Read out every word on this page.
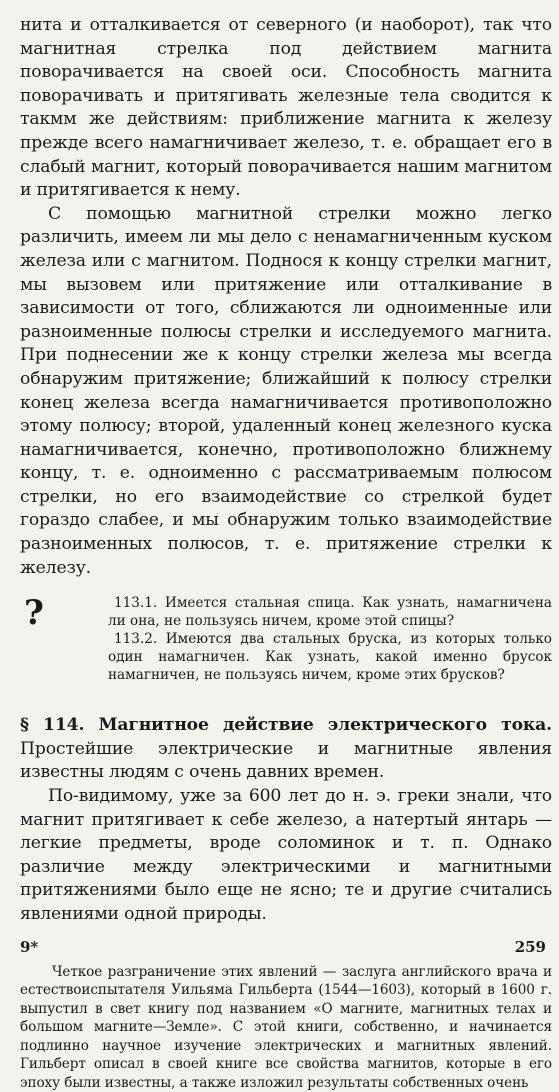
нита и отталкивается от северного (и наоборот), так что магнитная стрелка под действием магнита поворачивается на своей оси. Способность магнита поворачивать и притягивать железные тела сводится к такмм же действиям: приближение магнита к железу прежде всего намагничивает железо, т. е. обращает его в слабый магнит, который поворачивается нашим магнитом и притягивается к нему.

С помощью магнитной стрелки можно легко различить, имеем ли мы дело с ненамагниченным куском железа или с магнитом. Поднося к концу стрелки магнит, мы вызовем или притяжение или отталкивание в зависимости от того, сближаются ли одноименные или разноименные полюсы стрелки и исследуемого магнита. При поднесении же к концу стрелки железа мы всегда обнаружим притяжение; ближайший к полюсу стрелки конец железа всегда намагничивается противоположно этому полюсу; второй, удаленный конец железного куска намагничивается, конечно, противоположно ближнему концу, т. е. одноименно с рассматриваемым полюсом стрелки, но его взаимодействие со стрелкой будет гораздо слабее, и мы обнаружим только взаимодействие разноименных полюсов, т. е. притяжение стрелки к железу.

?	113.1. Имеется стальная спица. Как узнать, намагничена ли она, не пользуясь ничем, кроме этой спицы?

113.2. Имеются два стальных бруска, из которых только один намагничен. Как узнать, какой именно брусок намагничен, не пользуясь ничем, кроме этих брусков?

§ 114. Магнитное действие электрического тока. Простейшие электрические и магнитные явления известны людям с очень давних времен.

По-видимому, уже за 600 лет до н. э. греки знали, что магнит притягивает к себе железо, а натертый янтарь — легкие предметы, вроде соломинок и т. п. Однако различие между электрическими и магнитными притяжениями было еще не ясно; те и другие считались явлениями одной природы.

Четкое разграничение этих явлений — заслуга английского врача и естествоиспытателя Уильяма Гильберта (1544—1603), который в 1600 г. выпустил в свет книгу под названием «О магните, магнитных телах и большом магните—Земле». С этой книги, собственно, и начинается подлинно научное изучение электрических и магнитных явлений. Гильберт описал в своей книге все свойства магнитов, которые в его эпоху были известны, а также изложил результаты собственных очень

9*	259
